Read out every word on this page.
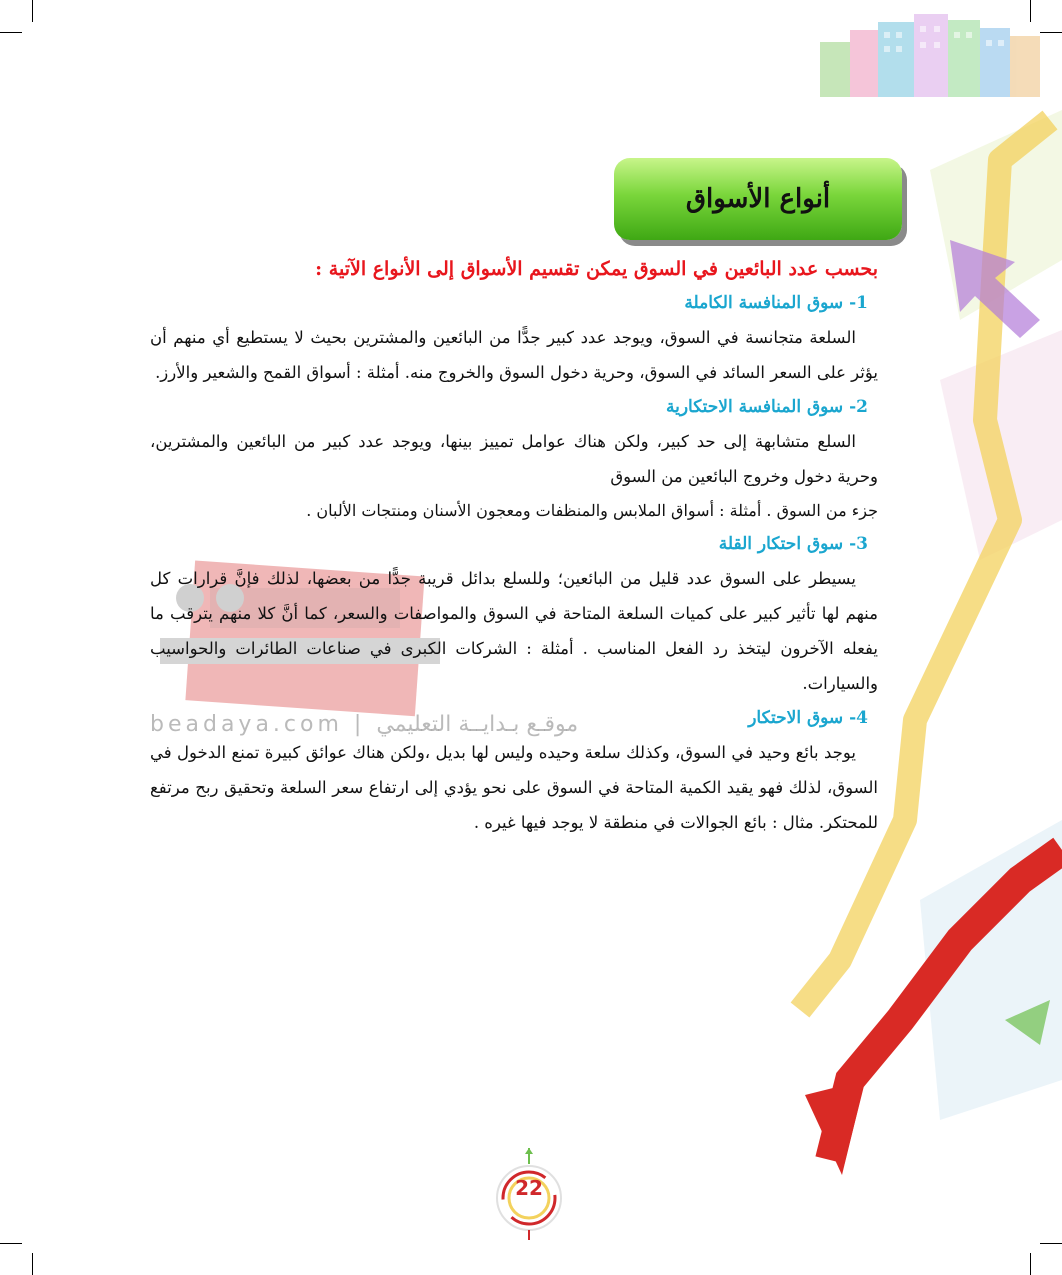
beadaya.com | موقـع بـدايــة التعليمي
أنواع الأسواق

بحسب عدد البائعين في السوق يمكن تقسيم الأسواق إلى الأنواع الآتية :

1- سوق المنافسة الكاملة

السلعة متجانسة في السوق، ويوجد عدد كبير جدًّا من البائعين والمشترين بحيث لا يستطيع أي منهم أن يؤثر على السعر السائد في السوق، وحرية دخول السوق والخروج منه. أمثلة : أسواق القمح والشعير والأرز.

2- سوق المنافسة الاحتكارية

السلع متشابهة إلى حد كبير، ولكن هناك عوامل تمييز بينها، ويوجد عدد كبير من البائعين والمشترين، وحرية دخول وخروج البائعين من السوق

جزء من السوق . أمثلة : أسواق الملابس والمنظفات ومعجون الأسنان ومنتجات الألبان .

3- سوق احتكار القلة

يسيطر على السوق عدد قليل من البائعين؛ وللسلع بدائل قريبة جدًّا من بعضها، لذلك فإنَّ قرارات كل منهم لها تأثير كبير على كميات السلعة المتاحة في السوق والمواصفات والسعر، كما أنَّ كلا منهم يترقب ما يفعله الآخرون ليتخذ رد الفعل المناسب . أمثلة : الشركات الكبرى في صناعات الطائرات والحواسيب والسيارات.

4- سوق الاحتكار

يوجد بائع وحيد في السوق، وكذلك سلعة وحيده وليس لها بديل ،ولكن هناك عوائق كبيرة تمنع الدخول في السوق، لذلك فهو يقيد الكمية المتاحة في السوق على نحو يؤدي إلى ارتفاع سعر السلعة وتحقيق ربح مرتفع للمحتكر. مثال : بائع الجوالات في منطقة لا يوجد فيها غيره .

22
